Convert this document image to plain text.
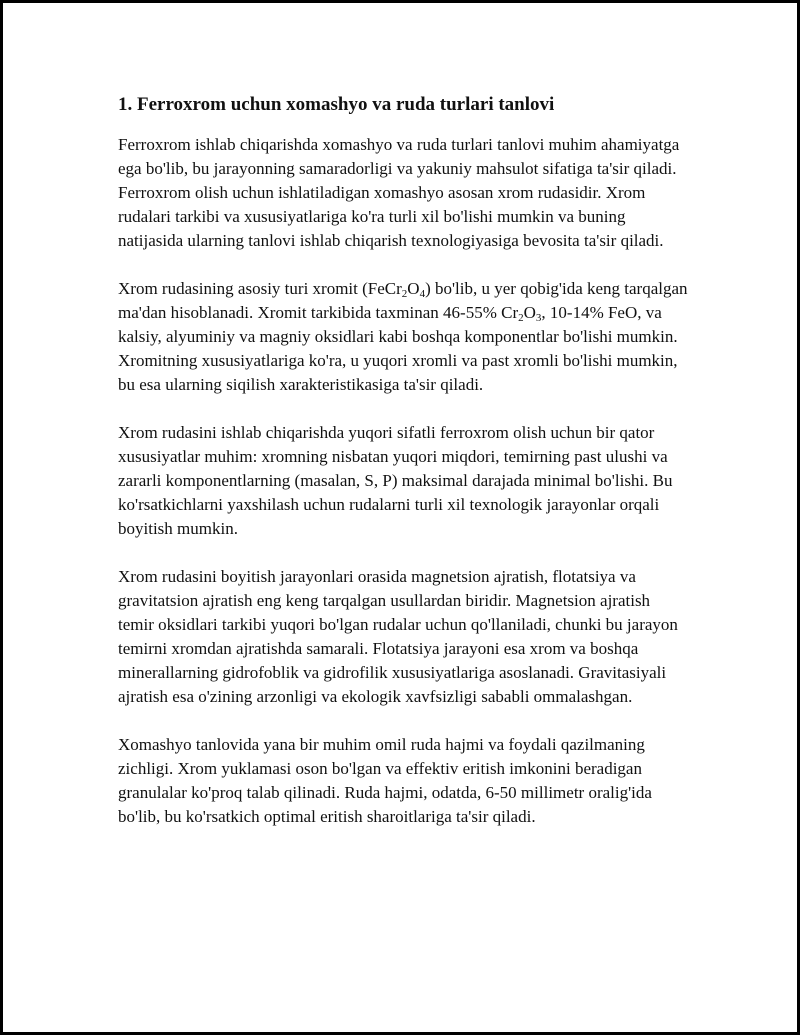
1. Ferroxrom uchun xomashyo va ruda turlari tanlovi

Ferroxrom ishlab chiqarishda xomashyo va ruda turlari tanlovi muhim ahamiyatga ega bo'lib, bu jarayonning samaradorligi va yakuniy mahsulot sifatiga ta'sir qiladi. Ferroxrom olish uchun ishlatiladigan xomashyo asosan xrom rudasidir. Xrom rudalari tarkibi va xususiyatlariga ko'ra turli xil bo'lishi mumkin va buning natijasida ularning tanlovi ishlab chiqarish texnologiyasiga bevosita ta'sir qiladi.

Xrom rudasining asosiy turi xromit $(FeCr_2O_4)$ bo'lib, u yer qobig'ida keng tarqalgan ma'dan hisoblanadi. Xromit tarkibida taxminan 46-55% $Cr_2O_3$, 10-14% FeO, va kalsiy, alyuminiy va magniy oksidlari kabi boshqa komponentlar bo'lishi mumkin. Xromitning xususiyatlariga ko'ra, u yuqori xromli va past xromli bo'lishi mumkin, bu esa ularning siqilish xarakteristikasiga ta'sir qiladi.

Xrom rudasini ishlab chiqarishda yuqori sifatli ferroxrom olish uchun bir qator xususiyatlar muhim: xromning nisbatan yuqori miqdori, temirning past ulushi va zararli komponentlarning (masalan, S, P) maksimal darajada minimal bo'lishi. Bu ko'rsatkichlarni yaxshilash uchun rudalarni turli xil texnologik jarayonlar orqali boyitish mumkin.

Xrom rudasini boyitish jarayonlari orasida magnetsion ajratish, flotatsiya va gravitatsion ajratish eng keng tarqalgan usullardan biridir. Magnetsion ajratish temir oksidlari tarkibi yuqori bo'lgan rudalar uchun qo'llaniladi, chunki bu jarayon temirni xromdan ajratishda samarali. Flotatsiya jarayoni esa xrom va boshqa minerallarning gidrofoblik va gidrofilik xususiyatlariga asoslanadi. Gravitasiyali ajratish esa o'zining arzonligi va ekologik xavfsizligi sababli ommalashgan.

Xomashyo tanlovida yana bir muhim omil ruda hajmi va foydali qazilmaning zichligi. Xrom yuklamasi oson bo'lgan va effektiv eritish imkonini beradigan granulalar ko'proq talab qilinadi. Ruda hajmi, odatda, 6-50 millimetr oralig'ida bo'lib, bu ko'rsatkich optimal eritish sharoitlariga ta'sir qiladi.
